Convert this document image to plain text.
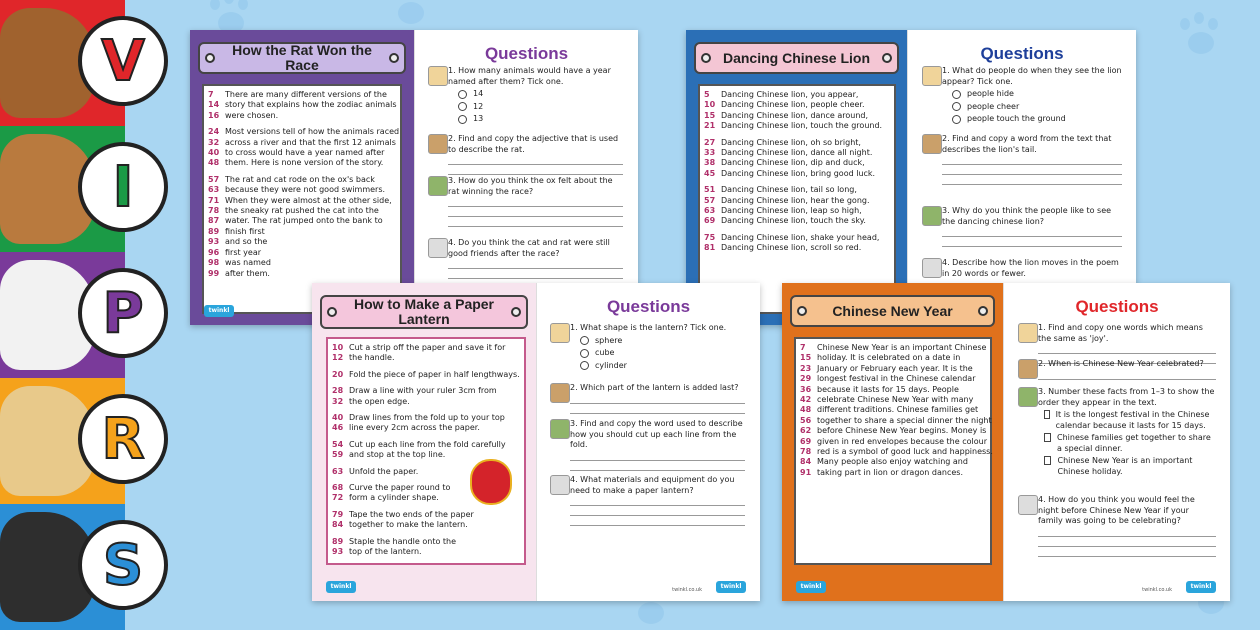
V
I
P
R
S
How the Rat Won the Race
7	There are many different versions of the
14 story that explains how the zodiac animals
16 were chosen.
24 Most versions tell of how the animals raced
32 across a river and that the first 12 animals
40 to cross would have a year named after
48 them. Here is none version of the story.
57 The rat and cat rode on the ox's back
63 because they were not good swimmers.
71 When they were almost at the other side,
78 the sneaky rat pushed the cat into the
87 water. The rat jumped onto the bank to
89 finish first
93 and so the
96 first year
98 was named
99 after them.
twinkl
Questions
1. How many animals would have a year named after them? Tick one.
14
12
13
2. Find and copy the adjective that is used to describe the rat.
3. How do you think the ox felt about the rat winning the race?
4. Do you think the cat and rat were still good friends after the race?
Dancing Chinese Lion
5	Dancing Chinese lion, you appear,
10 Dancing Chinese lion, people cheer.
15 Dancing Chinese lion, dance around,
21 Dancing Chinese lion, touch the ground.
27 Dancing Chinese lion, oh so bright,
33 Dancing Chinese lion, dance all night.
38 Dancing Chinese lion, dip and duck,
45 Dancing Chinese lion, bring good luck.
51 Dancing Chinese lion, tail so long,
57 Dancing Chinese lion, hear the gong.
63 Dancing Chinese lion, leap so high,
69 Dancing Chinese lion, touch the sky.
75 Dancing Chinese lion, shake your head,
81 Dancing Chinese lion, scroll so red.
Questions
1. What do people do when they see the lion appear? Tick one.
people hide
people cheer
people touch the ground
2. Find and copy a word from the text that describes the lion's tail.
3. Why do you think the people like to see the dancing chinese lion?
4. Describe how the lion moves in the poem in 20 words or fewer.
How to Make a Paper Lantern
10 Cut a strip off the paper and save it for
12 the handle.
20 Fold the piece of paper in half lengthways.
28 Draw a line with your ruler 3cm from
32 the open edge.
40 Draw lines from the fold up to your top
46 line every 2cm across the paper.
54 Cut up each line from the fold carefully
59 and stop at the top line.
63 Unfold the paper.
68 Curve the paper round to
72 form a cylinder shape.
79 Tape the two ends of the paper
84 together to make the lantern.
89 Staple the handle onto the
93 top of the lantern.
twinkl
Questions
1. What shape is the lantern? Tick one.
sphere
cube
cylinder
2. Which part of the lantern is added last?
3. Find and copy the word used to describe how you should cut up each line from the fold.
4. What materials and equipment do you need to make a paper lantern?
twinkl.co.uk	twinkl
Chinese New Year
7	Chinese New Year is an important Chinese
15 holiday. It is celebrated on a date in
23 January or February each year. It is the
29 longest festival in the Chinese calendar
36 because it lasts for 15 days. People
42 celebrate Chinese New Year with many
48 different traditions. Chinese families get
56 together to share a special dinner the night
62 before Chinese New Year begins. Money is
69 given in red envelopes because the colour
78 red is a symbol of good luck and happiness.
84 Many people also enjoy watching and
91 taking part in lion or dragon dances.
twinkl
Questions
1. Find and copy one words which means the same as 'joy'.
2. When is Chinese New Year celebrated?
3. Number these facts from 1–3 to show the order they appear in the text.
It is the longest festival in the Chinese calendar because it lasts for 15 days.
Chinese families get together to share a special dinner.
Chinese New Year is an important Chinese holiday.
4. How do you think you would feel the night before Chinese New Year if your family was going to be celebrating?
twinkl.co.uk	twinkl
